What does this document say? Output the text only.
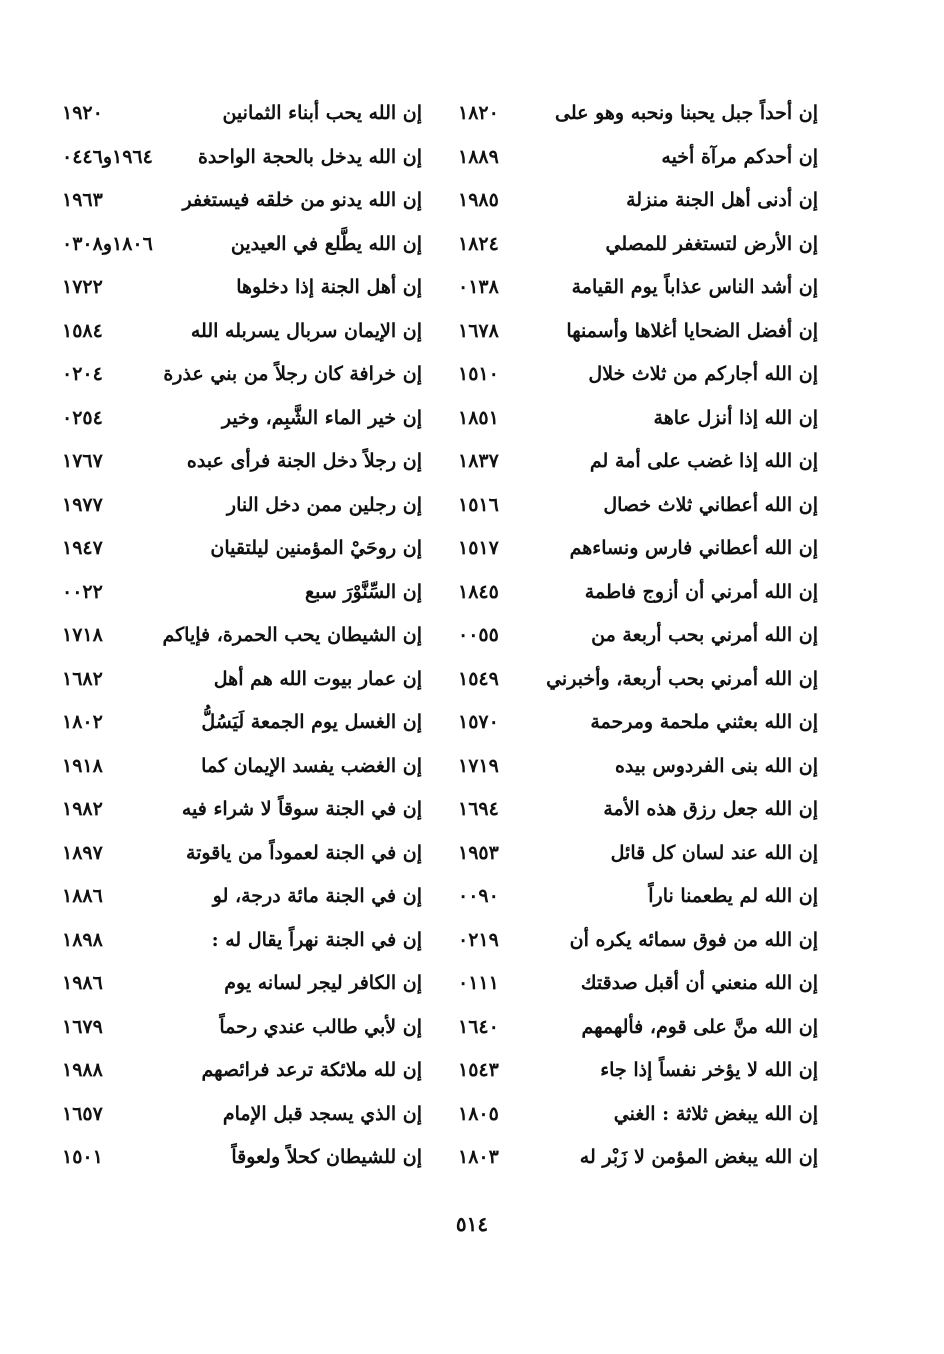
إن أحداً جبل يحبنا ونحبه وهو على
١٨٢٠
إن أحدكم مرآة أخيه
١٨٨٩
إن أدنى أهل الجنة منزلة
١٩٨٥
إن الأرض لتستغفر للمصلي
١٨٢٤
إن أشد الناس عذاباً يوم القيامة
٠١٣٨
إن أفضل الضحايا أغلاها وأسمنها
١٦٧٨
إن الله أجاركم من ثلاث خلال
١٥١٠
إن الله إذا أنزل عاهة
١٨٥١
إن الله إذا غضب على أمة لم
١٨٣٧
إن الله أعطاني ثلاث خصال
١٥١٦
إن الله أعطاني فارس ونساءهم
١٥١٧
إن الله أمرني أن أزوج فاطمة
١٨٤٥
إن الله أمرني بحب أربعة من
٠٠٥٥
إن الله أمرني بحب أربعة، وأخبرني
١٥٤٩
إن الله بعثني ملحمة ومرحمة
١٥٧٠
إن الله بنى الفردوس بيده
١٧١٩
إن الله جعل رزق هذه الأمة
١٦٩٤
إن الله عند لسان كل قائل
١٩٥٣
إن الله لم يطعمنا ناراً
٠٠٩٠
إن الله من فوق سمائه يكره أن
٠٢١٩
إن الله منعني أن أقبل صدقتك
٠١١١
إن الله منَّ على قوم، فألهمهم
١٦٤٠
إن الله لا يؤخر نفساً إذا جاء
١٥٤٣
إن الله يبغض ثلاثة : الغني
١٨٠٥
إن الله يبغض المؤمن لا زَبْر له
١٨٠٣
إن الله يحب أبناء الثمانين
١٩٢٠
إن الله يدخل بالحجة الواحدة
١٩٦٤و٠٤٤٦
إن الله يدنو من خلقه فيستغفر
١٩٦٣
إن الله يطَّلع في العيدين
١٨٠٦و٠٣٠٨
إن أهل الجنة إذا دخلوها
١٧٢٢
إن الإيمان سربال يسربله الله
١٥٨٤
إن خرافة كان رجلاً من بني عذرة
٠٢٠٤
إن خير الماء الشَّبِم، وخير
٠٢٥٤
إن رجلاً دخل الجنة فرأى عبده
١٧٦٧
إن رجلين ممن دخل النار
١٩٧٧
إن روحَيْ المؤمنين ليلتقيان
١٩٤٧
إن السِّنَّوْرَ سبع
٠٠٢٢
إن الشيطان يحب الحمرة، فإياكم
١٧١٨
إن عمار بيوت الله هم أهل
١٦٨٢
إن الغسل يوم الجمعة لَيَسُلُّ
١٨٠٢
إن الغضب يفسد الإيمان كما
١٩١٨
إن في الجنة سوقاً لا شراء فيه
١٩٨٢
إن في الجنة لعموداً من ياقوتة
١٨٩٧
إن في الجنة مائة درجة، لو
١٨٨٦
إن في الجنة نهراً يقال له :
١٨٩٨
إن الكافر ليجر لسانه يوم
١٩٨٦
إن لأبي طالب عندي رحماً
١٦٧٩
إن لله ملائكة ترعد فرائصهم
١٩٨٨
إن الذي يسجد قبل الإمام
١٦٥٧
إن للشيطان كحلاً ولعوقاً
١٥٠١
٥١٤
